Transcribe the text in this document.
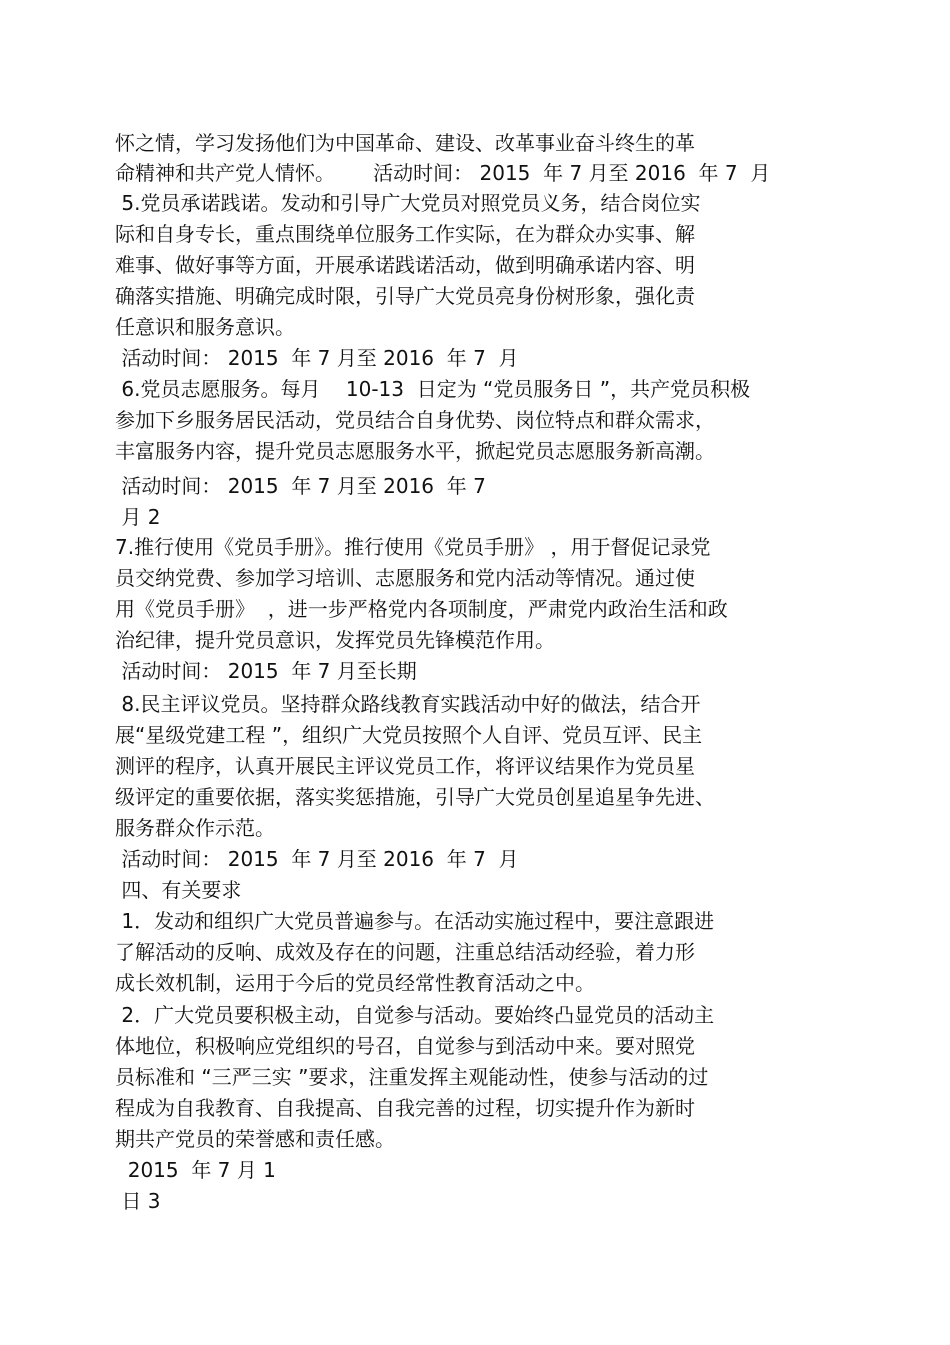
怀之情，学习发扬他们为中国革命、建设、改革事业奋斗终生的革
命精神和共产党人情怀。      活动时间： 2015  年 7 月至 2016  年 7  月
5.党员承诺践诺。发动和引导广大党员对照党员义务，结合岗位实
际和自身专长，重点围绕单位服务工作实际，在为群众办实事、解
难事、做好事等方面，开展承诺践诺活动，做到明确承诺内容、明
确落实措施、明确完成时限，引导广大党员亮身份树形象，强化责
任意识和服务意识。
活动时间： 2015  年 7 月至 2016  年 7  月
6.党员志愿服务。每月    10-13  日定为 “党员服务日 ”，共产党员积极
参加下乡服务居民活动，党员结合自身优势、岗位特点和群众需求，
丰富服务内容，提升党员志愿服务水平，掀起党员志愿服务新高潮。
活动时间： 2015  年 7 月至 2016  年 7
月 2
7.推行使用《党员手册》。推行使用《党员手册》 ，用于督促记录党
员交纳党费、参加学习培训、志愿服务和党内活动等情况。通过使
用《党员手册》  ，进一步严格党内各项制度，严肃党内政治生活和政
治纪律，提升党员意识，发挥党员先锋模范作用。
活动时间： 2015  年 7 月至长期
8.民主评议党员。坚持群众路线教育实践活动中好的做法，结合开
展“星级党建工程 ”，组织广大党员按照个人自评、党员互评、民主
测评的程序，认真开展民主评议党员工作，将评议结果作为党员星
级评定的重要依据，落实奖惩措施，引导广大党员创星追星争先进、
服务群众作示范。
活动时间： 2015  年 7 月至 2016  年 7  月
四、有关要求
1．发动和组织广大党员普遍参与。在活动实施过程中，要注意跟进
了解活动的反响、成效及存在的问题，注重总结活动经验，着力形
成长效机制，运用于今后的党员经常性教育活动之中。
2．广大党员要积极主动，自觉参与活动。要始终凸显党员的活动主
体地位，积极响应党组织的号召，自觉参与到活动中来。要对照党
员标准和 “三严三实 ”要求，注重发挥主观能动性，使参与活动的过
程成为自我教育、自我提高、自我完善的过程，切实提升作为新时
期共产党员的荣誉感和责任感。
2015  年 7 月 1
日 3
